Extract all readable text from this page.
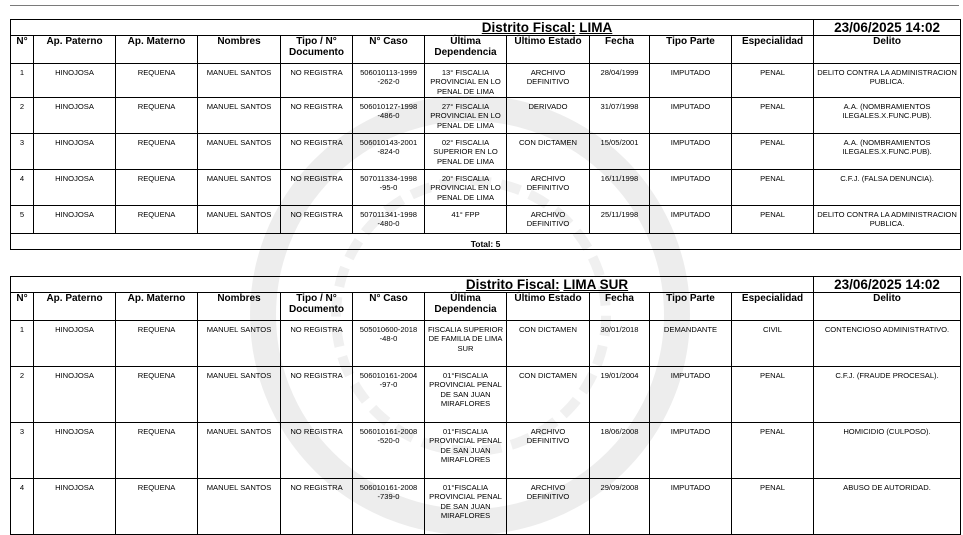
Distrito Fiscal: LIMA											23/06/2025 14:02
N°	Ap. Paterno	Ap. Materno	Nombres	Tipo / N° Documento	N° Caso	Última Dependencia	Último Estado	Fecha	Tipo Parte	Especialidad	Delito
1	HINOJOSA	REQUENA	MANUEL SANTOS	NO REGISTRA	506010113-1999 -262-0	13° FISCALIA PROVINCIAL EN LO PENAL DE LIMA	ARCHIVO DEFINITIVO	28/04/1999	IMPUTADO	PENAL	DELITO CONTRA LA ADMINISTRACION PUBLICA.
2	HINOJOSA	REQUENA	MANUEL SANTOS	NO REGISTRA	506010127-1998 -486-0	27° FISCALIA PROVINCIAL EN LO PENAL DE LIMA	DERIVADO	31/07/1998	IMPUTADO	PENAL	A.A. (NOMBRAMIENTOS ILEGALES.X.FUNC.PUB).
3	HINOJOSA	REQUENA	MANUEL SANTOS	NO REGISTRA	506010143-2001 -824-0	02° FISCALIA SUPERIOR EN LO PENAL DE LIMA	CON DICTAMEN	15/05/2001	IMPUTADO	PENAL	A.A. (NOMBRAMIENTOS ILEGALES.X.FUNC.PUB).
4	HINOJOSA	REQUENA	MANUEL SANTOS	NO REGISTRA	507011334-1998 -95-0	20° FISCALIA PROVINCIAL EN LO PENAL DE LIMA	ARCHIVO DEFINITIVO	16/11/1998	IMPUTADO	PENAL	C.F.J. (FALSA DENUNCIA).
5	HINOJOSA	REQUENA	MANUEL SANTOS	NO REGISTRA	507011341-1998 -480-0	41° FPP	ARCHIVO DEFINITIVO	25/11/1998	IMPUTADO	PENAL	DELITO CONTRA LA ADMINISTRACION PUBLICA.
Total: 5											

Distrito Fiscal: LIMA SUR											23/06/2025 14:02
N°	Ap. Paterno	Ap. Materno	Nombres	Tipo / N° Documento	N° Caso	Última Dependencia	Último Estado	Fecha	Tipo Parte	Especialidad	Delito
1	HINOJOSA	REQUENA	MANUEL SANTOS	NO REGISTRA	505010600-2018 -48-0	FISCALIA SUPERIOR DE FAMILIA DE LIMA SUR	CON DICTAMEN	30/01/2018	DEMANDANTE	CIVIL	CONTENCIOSO ADMINISTRATIVO.
2	HINOJOSA	REQUENA	MANUEL SANTOS	NO REGISTRA	506010161-2004 -97-0	01°FISCALIA PROVINCIAL PENAL DE SAN JUAN MIRAFLORES	CON DICTAMEN	19/01/2004	IMPUTADO	PENAL	C.F.J. (FRAUDE PROCESAL).
3	HINOJOSA	REQUENA	MANUEL SANTOS	NO REGISTRA	506010161-2008 -520-0	01°FISCALIA PROVINCIAL PENAL DE SAN JUAN MIRAFLORES	ARCHIVO DEFINITIVO	18/06/2008	IMPUTADO	PENAL	HOMICIDIO (CULPOSO).
4	HINOJOSA	REQUENA	MANUEL SANTOS	NO REGISTRA	506010161-2008 -739-0	01°FISCALIA PROVINCIAL PENAL DE SAN JUAN MIRAFLORES	ARCHIVO DEFINITIVO	29/09/2008	IMPUTADO	PENAL	ABUSO DE AUTORIDAD.
